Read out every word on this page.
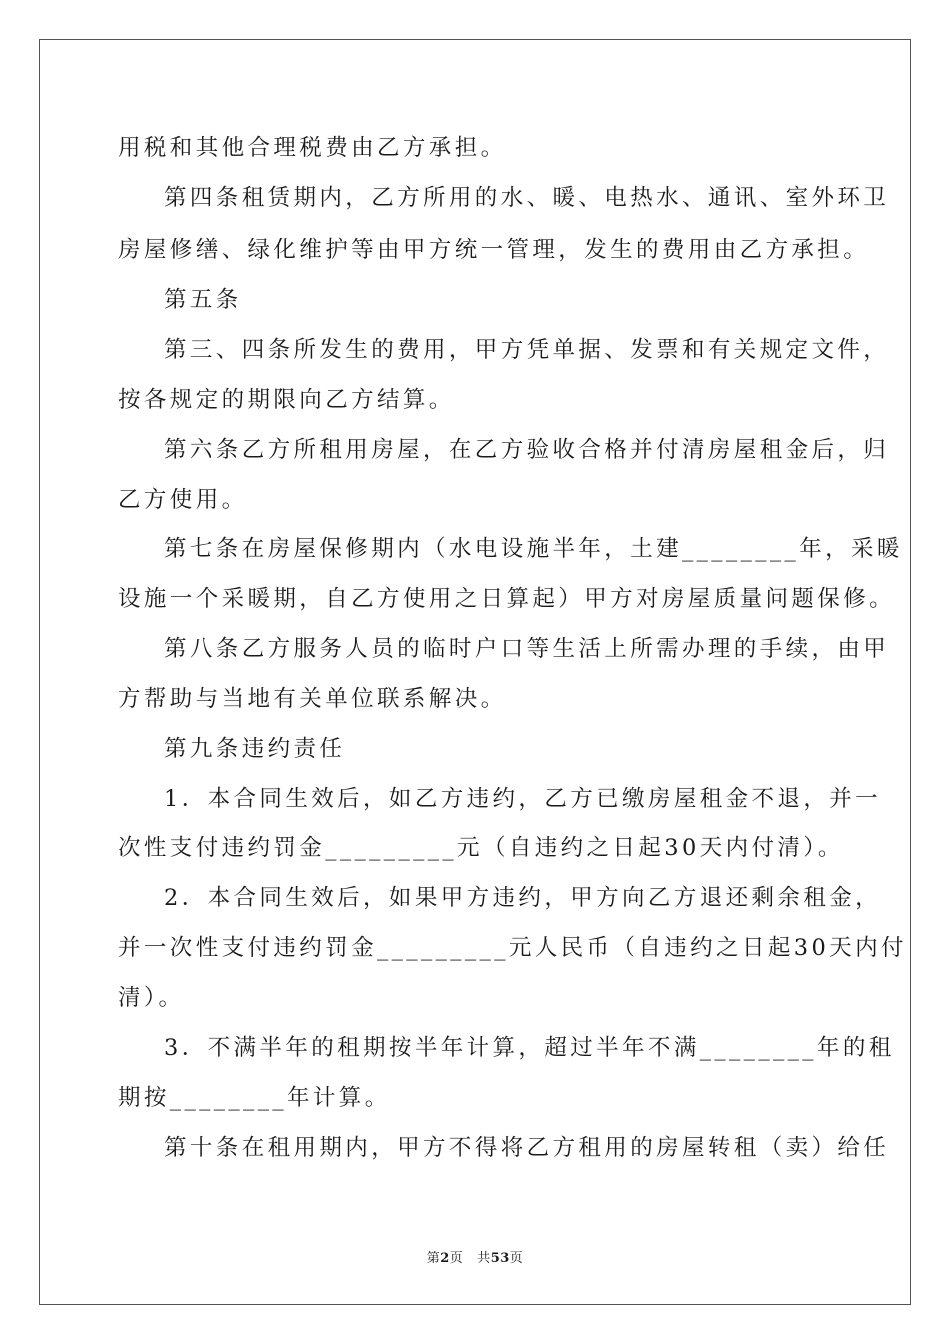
用税和其他合理税费由乙方承担。
第四条租赁期内，乙方所用的水、暖、电热水、通讯、室外环卫
房屋修缮、绿化维护等由甲方统一管理，发生的费用由乙方承担。
第五条
第三、四条所发生的费用，甲方凭单据、发票和有关规定文件，
按各规定的期限向乙方结算。
第六条乙方所租用房屋，在乙方验收合格并付清房屋租金后，归
乙方使用。
第七条在房屋保修期内（水电设施半年，土建________年，采暖
设施一个采暖期，自乙方使用之日算起）甲方对房屋质量问题保修。
第八条乙方服务人员的临时户口等生活上所需办理的手续，由甲
方帮助与当地有关单位联系解决。
第九条违约责任
1．本合同生效后，如乙方违约，乙方已缴房屋租金不退，并一
次性支付违约罚金_________元（自违约之日起30天内付清）。
2．本合同生效后，如果甲方违约，甲方向乙方退还剩余租金，
并一次性支付违约罚金_________元人民币（自违约之日起30天内付
清）。
3．不满半年的租期按半年计算，超过半年不满________年的租
期按________年计算。
第十条在租用期内，甲方不得将乙方租用的房屋转租（卖）给任
第2页 共53页
